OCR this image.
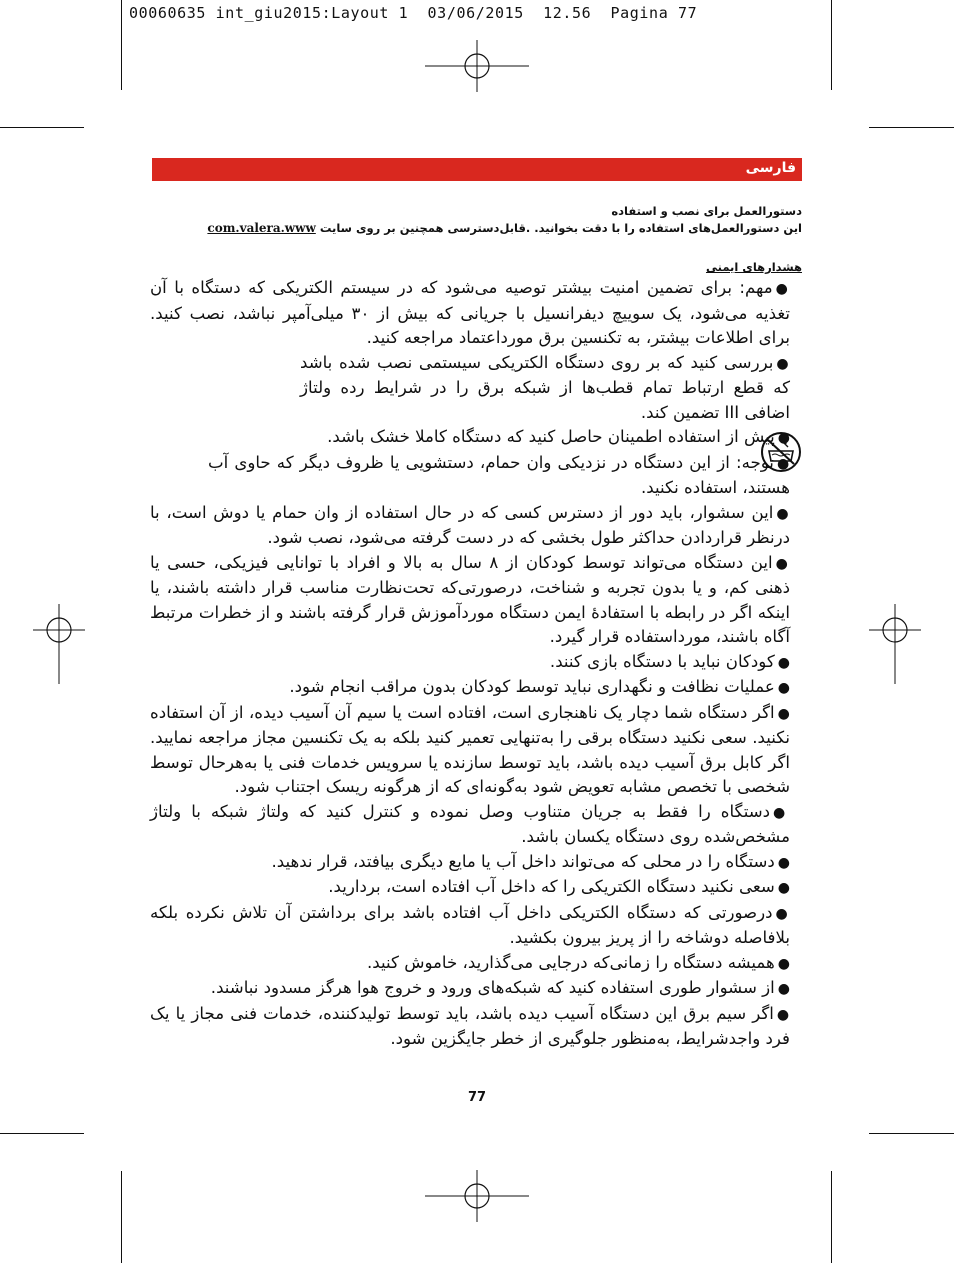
00060635 int_giu2015:Layout 1  03/06/2015  12.56  Pagina 77
فارسی
دستورالعمل برای نصب و استفاده
این دستورالعمل‌های استفاده را با دقت بخوانید. .قابل‌دسترسی همچنین بر روی سایت com.valera.www
هشدارهای ایمنی

●مهم: برای تضمین امنیت بیشتر توصیه می‌شود که در سیستم الکتریکی که دستگاه با آن تغذیه می‌شود، یک سوییچ دیفرانسیل با جریانی که بیش از ۳۰ میلی‌آمپر نباشد، نصب کنید. برای اطلاعات بیشتر، به تکنسین برق مورداعتماد مراجعه کنید.

●بررسی کنید که بر روی دستگاه الکتریکی سیستمی نصب شده باشد که قطع ارتباط تمام قطب‌ها از شبکه برق را در شرایط رده ولتاژ اضافی III تضمین کند.

●پیش از استفاده اطمینان حاصل کنید که دستگاه کاملا خشک باشد.

●توجه: از این دستگاه در نزدیکی وان حمام، دستشویی یا ظروف دیگر که حاوی آب هستند، استفاده نکنید.

●این سشوار، باید دور از دسترس کسی که در حال استفاده از وان حمام یا دوش است، با درنظر قراردادن حداکثر طول بخشی که در دست گرفته می‌شود، نصب شود.

●این دستگاه می‌تواند توسط کودکان از ۸ سال به بالا و افراد با توانایی فیزیکی، حسی یا ذهنی کم، و یا بدون تجربه و شناخت، درصورتی‌که تحت‌نظارت مناسب قرار داشته باشند، یا اینکه اگر در رابطه با استفادهٔ ایمن دستگاه موردآموزش قرار گرفته باشند و از خطرات مرتبط آگاه باشند، مورداستفاده قرار گیرد.

●کودکان نباید با دستگاه بازی کنند.

●عملیات نظافت و نگهداری نباید توسط کودکان بدون مراقب انجام شود.

●اگر دستگاه شما دچار یک ناهنجاری است، افتاده است یا سیم آن آسیب دیده، از آن استفاده نکنید. سعی نکنید دستگاه برقی را به‌تنهایی تعمیر کنید بلکه به یک تکنسین مجاز مراجعه نمایید. اگر کابل برق آسیب دیده باشد، باید توسط سازنده یا سرویس خدمات فنی یا به‌هرحال توسط شخصی با تخصص مشابه تعویض شود به‌گونه‌ای که از هرگونه ریسک اجتناب شود.

●دستگاه را فقط به جریان متناوب وصل نموده و کنترل کنید که ولتاژ شبکه با ولتاژ مشخص‌شده روی دستگاه یکسان باشد.

●دستگاه را در محلی که می‌تواند داخل آب یا مایع دیگری بیافتد، قرار ندهید.

●سعی نکنید دستگاه الکتریکی را که داخل آب افتاده است، بردارید.

●درصورتی که دستگاه الکتریکی داخل آب افتاده باشد برای برداشتن آن تلاش نکرده بلکه بلافاصله دوشاخه را از پریز بیرون بکشید.

●همیشه دستگاه را زمانی‌که درجایی می‌گذارید، خاموش کنید.

●از سشوار طوری استفاده کنید که شبکه‌های ورود و خروج هوا هرگز مسدود نباشند.

●اگر سیم برق این دستگاه آسیب دیده باشد، باید توسط تولیدکننده، خدمات فنی مجاز یا یک فرد واجدشرایط، به‌منظور جلوگیری از خطر جایگزین شود.

77
